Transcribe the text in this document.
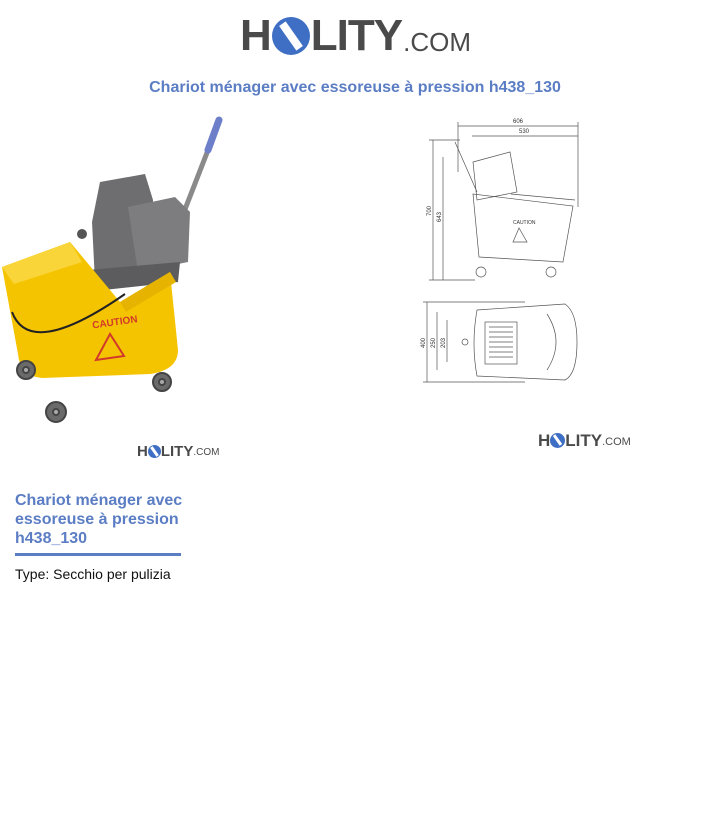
H LITY .COM
Chariot ménager avec essoreuse à pression h438_130
CAUTION
H LITY .COM
606
530
700
643
CAUTION
400 250 203
H LITY .COM
Chariot ménager avec essoreuse à pression h438_130
Type: Secchio per pulizia
